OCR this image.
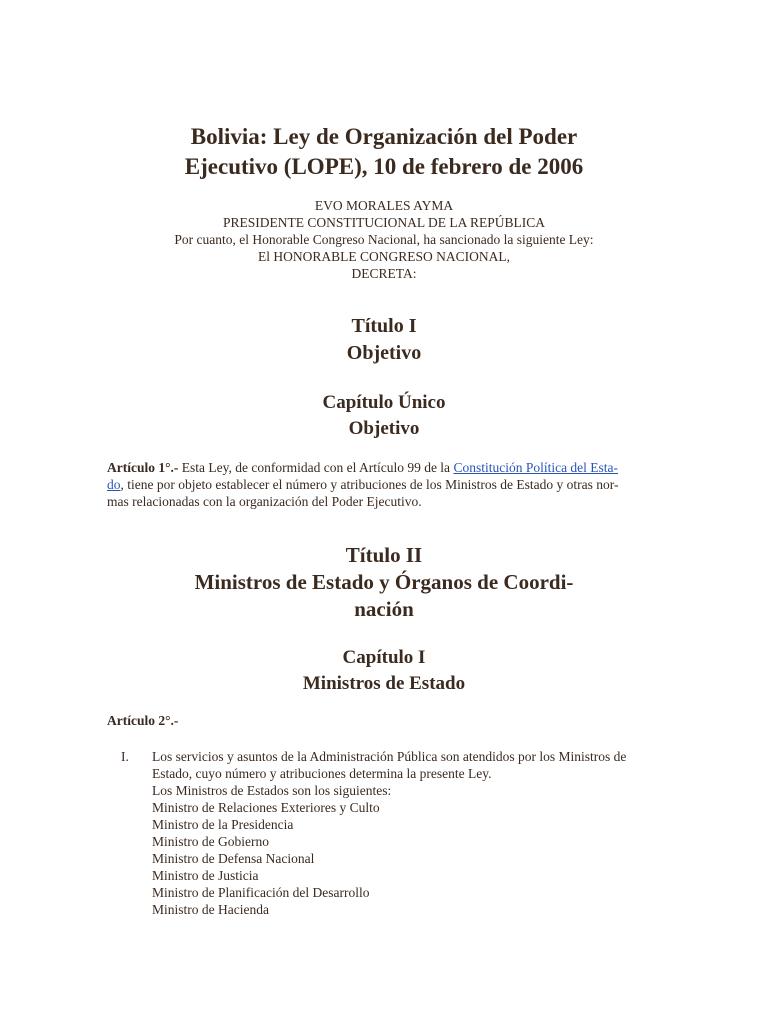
Bolivia: Ley de Organización del Poder
Ejecutivo (LOPE), 10 de febrero de 2006
EVO MORALES AYMA
PRESIDENTE CONSTITUCIONAL DE LA REPÚBLICA
Por cuanto, el Honorable Congreso Nacional, ha sancionado la siguiente Ley:
El HONORABLE CONGRESO NACIONAL,
DECRETA:
Título I
Objetivo
Capítulo Único
Objetivo
Artículo 1°.- Esta Ley, de conformidad con el Artículo 99 de la Constitución Política del Esta-
do, tiene por objeto establecer el número y atribuciones de los Ministros de Estado y otras nor-
mas relacionadas con la organización del Poder Ejecutivo.
Título II
Ministros de Estado y Órganos de Coordi-
nación
Capítulo I
Ministros de Estado
Artículo 2°.-
I. Los servicios y asuntos de la Administración Pública son atendidos por los Ministros de
Estado, cuyo número y atribuciones determina la presente Ley.
Los Ministros de Estados son los siguientes:
Ministro de Relaciones Exteriores y Culto
Ministro de la Presidencia
Ministro de Gobierno
Ministro de Defensa Nacional
Ministro de Justicia
Ministro de Planificación del Desarrollo
Ministro de Hacienda
